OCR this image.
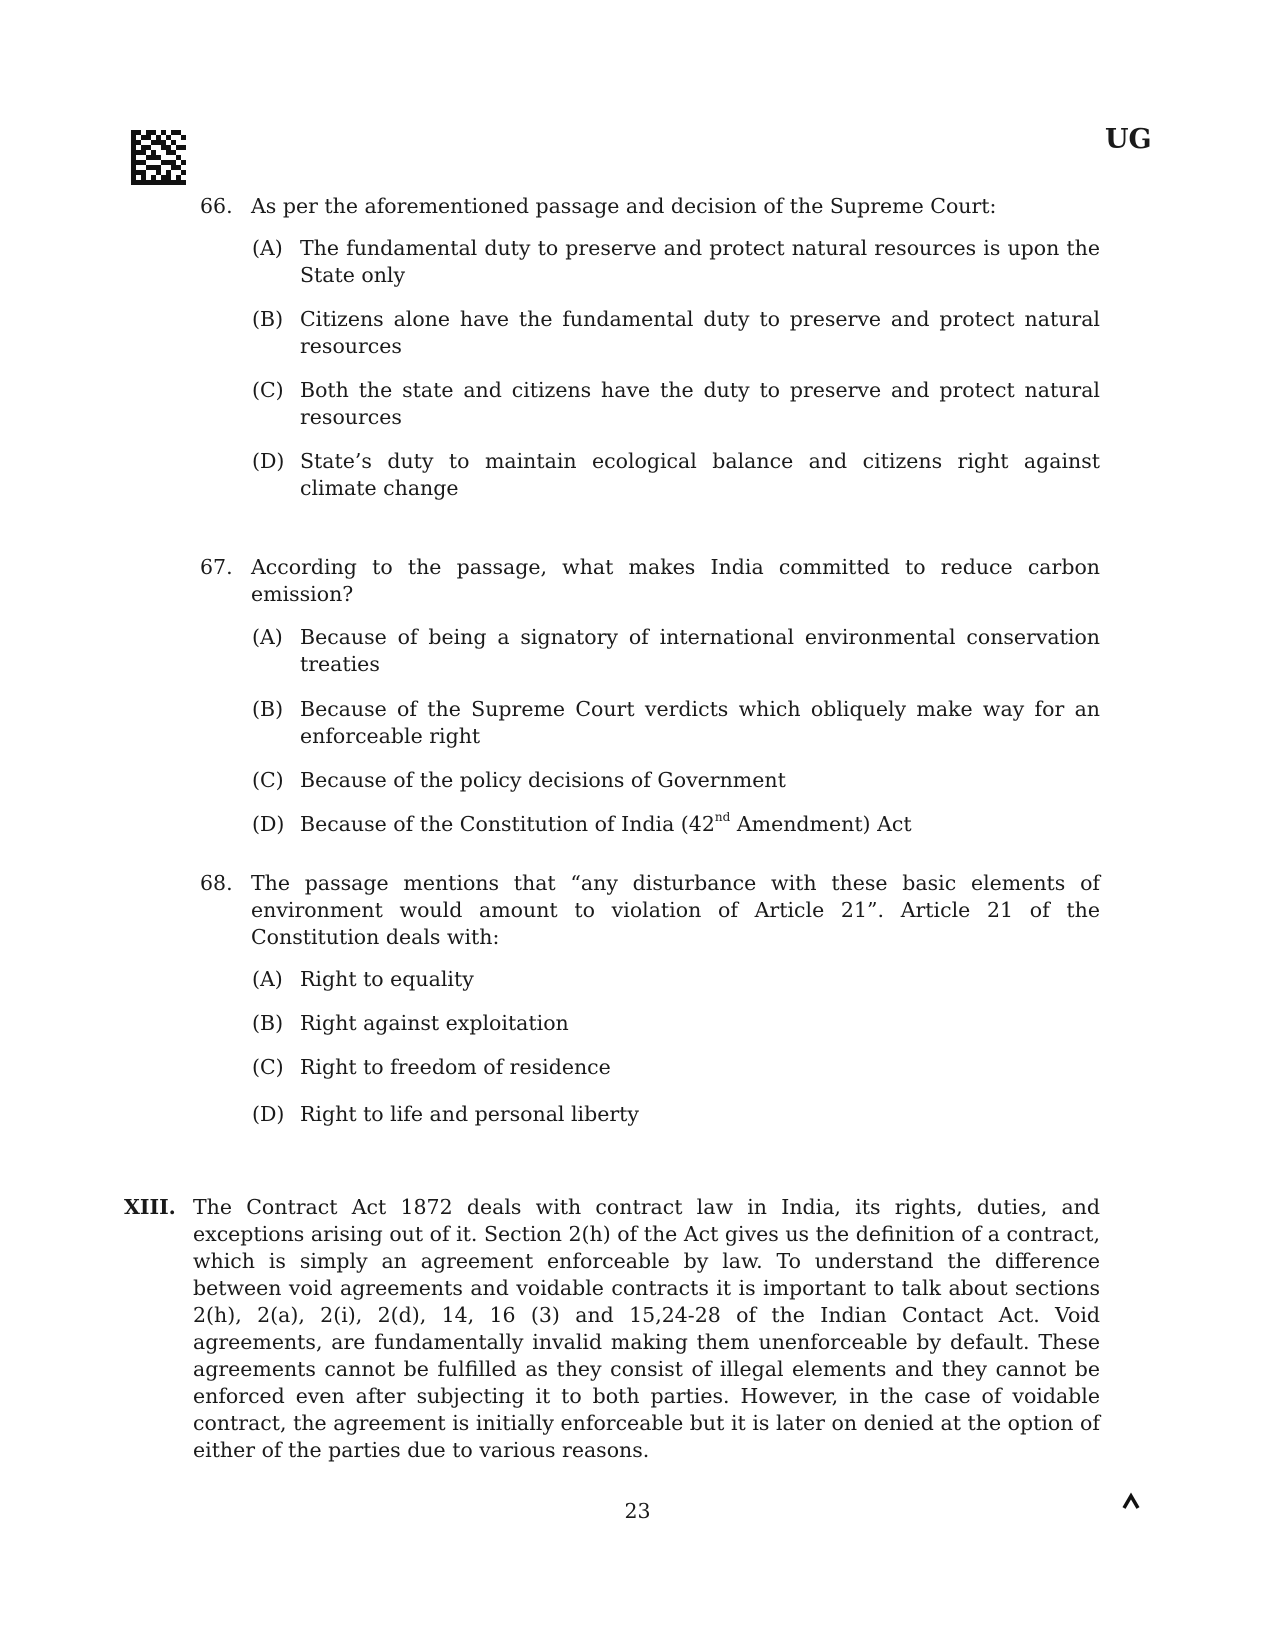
UG
66. As per the aforementioned passage and decision of the Supreme Court:
(A) The fundamental duty to preserve and protect natural resources is upon the State only
(B) Citizens alone have the fundamental duty to preserve and protect natural resources
(C) Both the state and citizens have the duty to preserve and protect natural resources
(D) State’s duty to maintain ecological balance and citizens right against climate change
67. According to the passage, what makes India committed to reduce carbon emission?
(A) Because of being a signatory of international environmental conservation treaties
(B) Because of the Supreme Court verdicts which obliquely make way for an enforceable right
(C) Because of the policy decisions of Government
(D) Because of the Constitution of India (42nd Amendment) Act
68. The passage mentions that “any disturbance with these basic elements of environment would amount to violation of Article 21”. Article 21 of the Constitution deals with:
(A) Right to equality
(B) Right against exploitation
(C) Right to freedom of residence
(D) Right to life and personal liberty
XIII. The Contract Act 1872 deals with contract law in India, its rights, duties, and exceptions arising out of it. Section 2(h) of the Act gives us the definition of a contract, which is simply an agreement enforceable by law. To understand the difference between void agreements and voidable contracts it is important to talk about sections 2(h), 2(a), 2(i), 2(d), 14, 16 (3) and 15,24-28 of the Indian Contact Act. Void agreements, are fundamentally invalid making them unenforceable by default. These agreements cannot be fulfilled as they consist of illegal elements and they cannot be enforced even after subjecting it to both parties. However, in the case of voidable contract, the agreement is initially enforceable but it is later on denied at the option of either of the parties due to various reasons.
23
